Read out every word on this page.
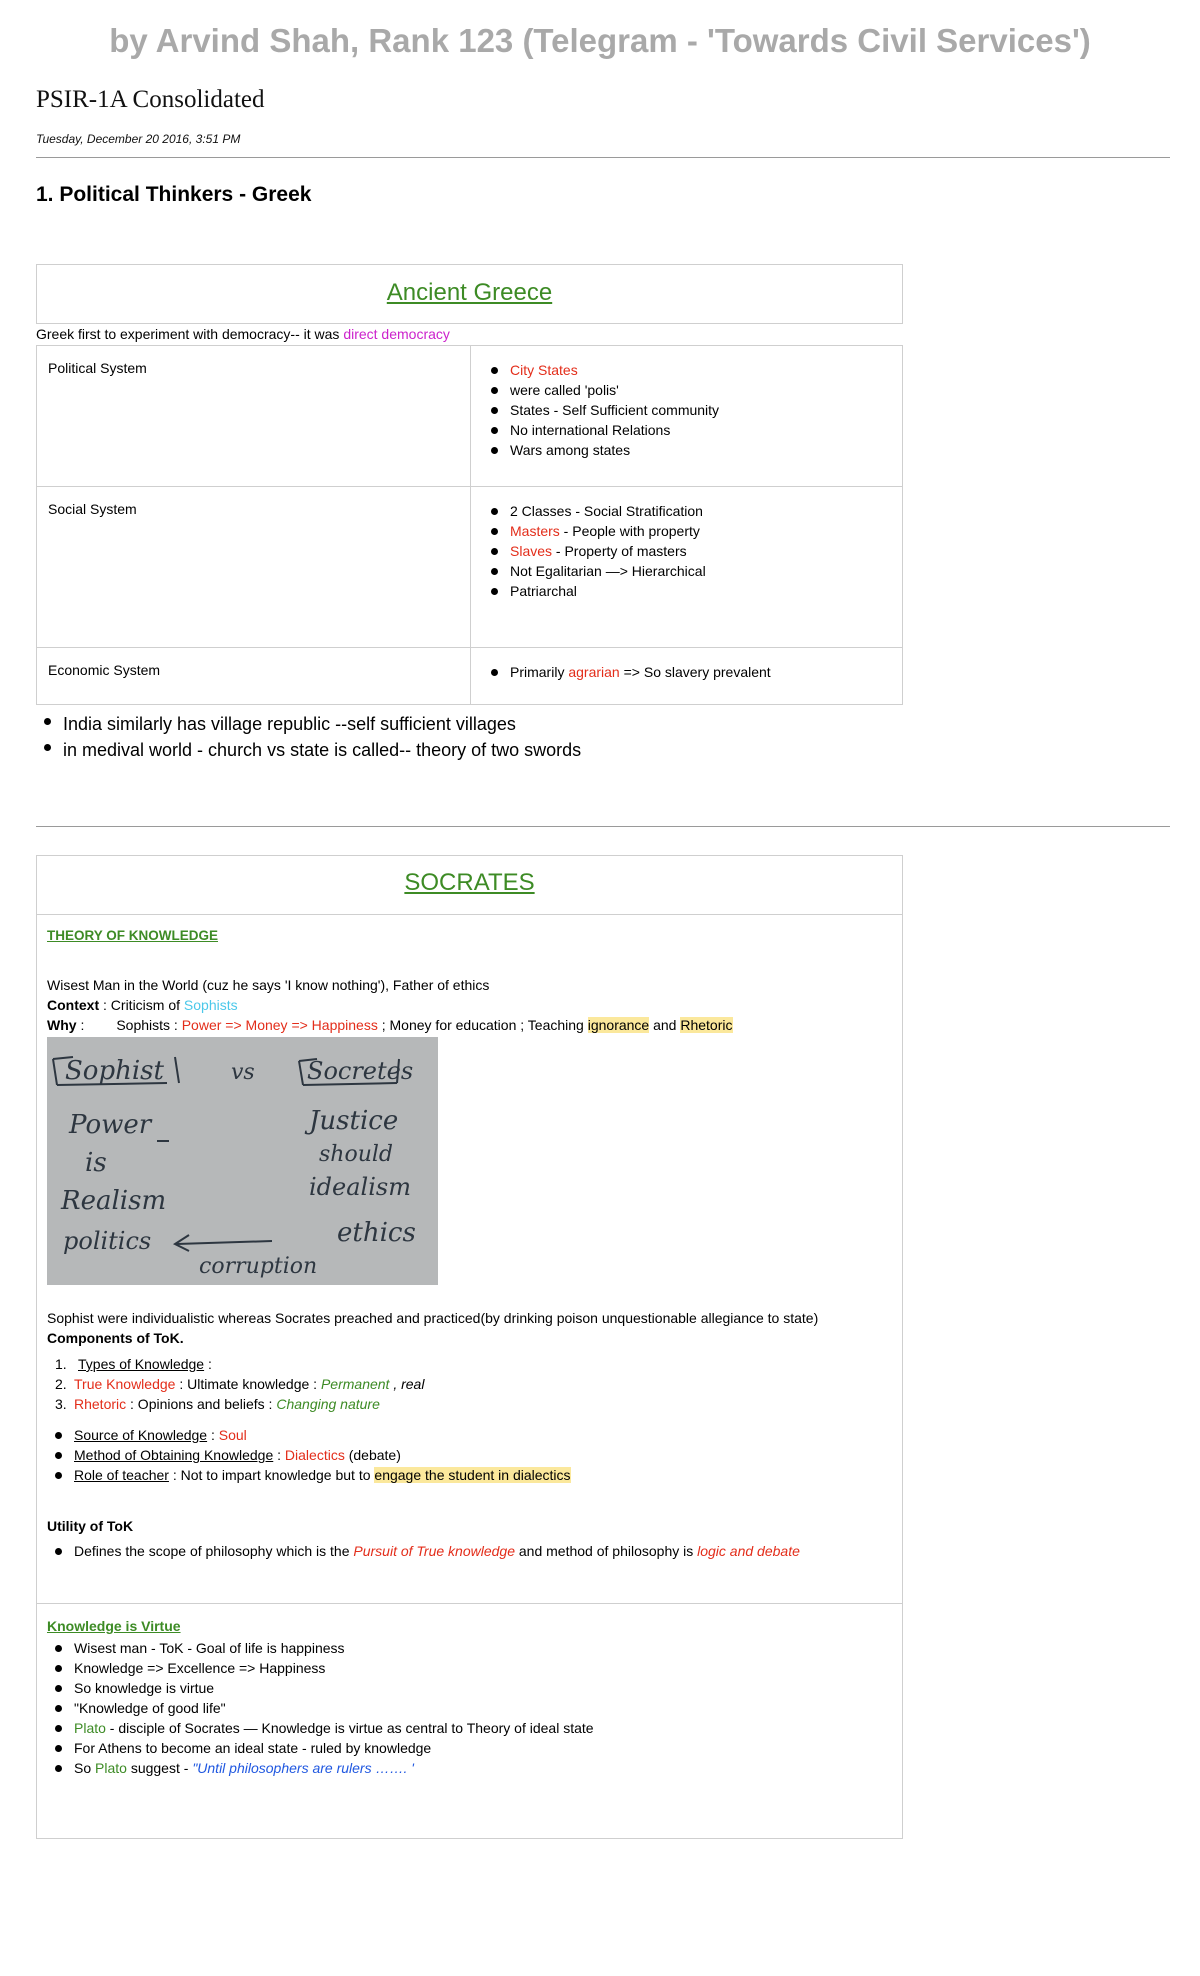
by Arvind Shah, Rank 123 (Telegram - 'Towards Civil Services')
PSIR-1A Consolidated
Tuesday, December 20 2016, 3:51 PM
1. Political Thinkers - Greek
Ancient Greece
Greek first to experiment with democracy-- it was direct democracy
Political System	City States
were called 'polis'
States - Self Sufficient community
No international Relations
Wars among states
Social System	2 Classes - Social Stratification
Masters - People with property
Slaves - Property of masters
Not Egalitarian —> Hierarchical
Patriarchal
Economic System	Primarily agrarian => So slavery prevalent
India similarly has village republic --self sufficient villages
in medival world - church vs state is called-- theory of two swords
SOCRATES
THEORY OF KNOWLEDGE
Wisest Man in the World (cuz he says 'I know nothing'), Father of ethics
Context : Criticism of Sophists
Why : Sophists : Power => Money => Happiness ; Money for education ; Teaching ignorance and Rhetoric
Sophist	vs Socretes
Power
is
Realism
politics
Justice
should
idealism
ethics
corruption
Sophist were individualistic whereas Socrates preached and practiced(by drinking poison unquestionable allegiance to state)
Components of ToK.
1. Types of Knowledge :
2. True Knowledge : Ultimate knowledge : Permanent , real
3. Rhetoric : Opinions and beliefs : Changing nature
Source of Knowledge : Soul
Method of Obtaining Knowledge : Dialectics (debate)
Role of teacher : Not to impart knowledge but to engage the student in dialectics
Utility of ToK
Defines the scope of philosophy which is the Pursuit of True knowledge and method of philosophy is logic and debate
Knowledge is Virtue
Wisest man - ToK - Goal of life is happiness
Knowledge => Excellence => Happiness
So knowledge is virtue
"Knowledge of good life"
Plato - disciple of Socrates — Knowledge is virtue as central to Theory of ideal state
For Athens to become an ideal state - ruled by knowledge
So Plato suggest - "Until philosophers are rulers ……. '
